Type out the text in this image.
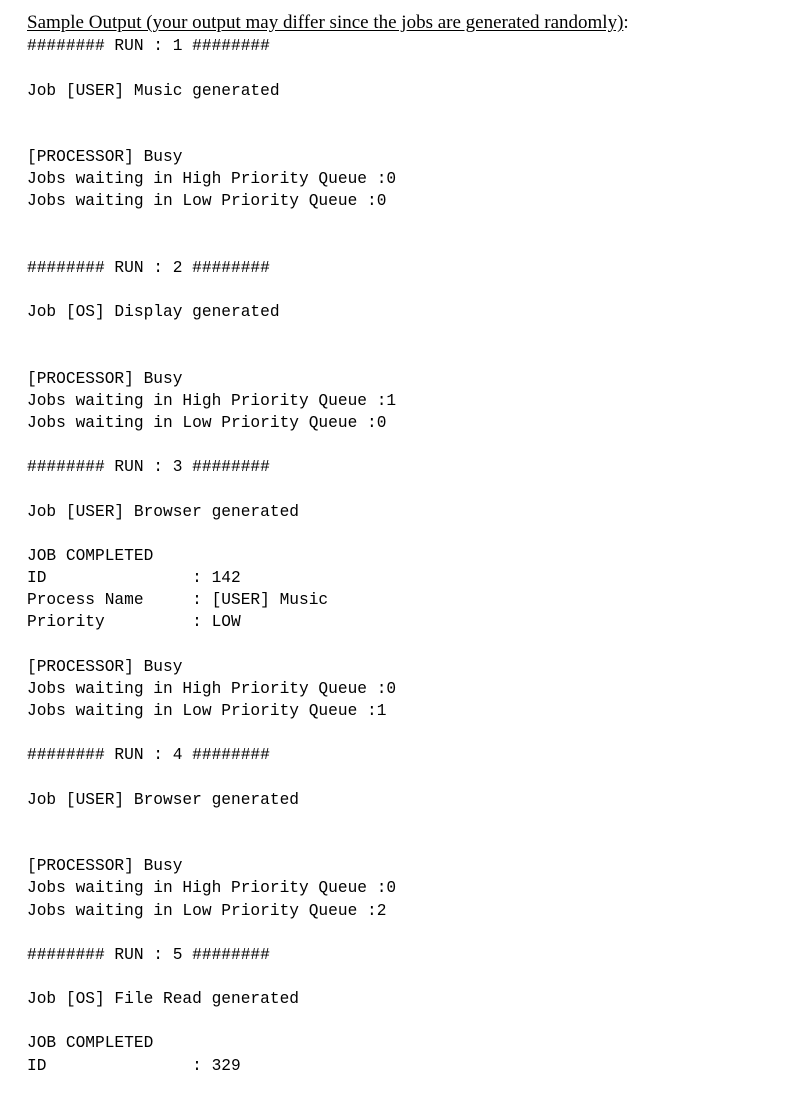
Sample Output (your output may differ since the jobs are generated randomly):
######## RUN : 1 ########
Job [USER] Music generated
[PROCESSOR] Busy
Jobs waiting in High Priority Queue :0
Jobs waiting in Low Priority Queue :0
######## RUN : 2 ########
Job [OS] Display generated
[PROCESSOR] Busy
Jobs waiting in High Priority Queue :1
Jobs waiting in Low Priority Queue :0
######## RUN : 3 ########
Job [USER] Browser generated
JOB COMPLETED
ID               : 142
Process Name     : [USER] Music
Priority         : LOW
[PROCESSOR] Busy
Jobs waiting in High Priority Queue :0
Jobs waiting in Low Priority Queue :1
######## RUN : 4 ########
Job [USER] Browser generated
[PROCESSOR] Busy
Jobs waiting in High Priority Queue :0
Jobs waiting in Low Priority Queue :2
######## RUN : 5 ########
Job [OS] File Read generated
JOB COMPLETED
ID               : 329
